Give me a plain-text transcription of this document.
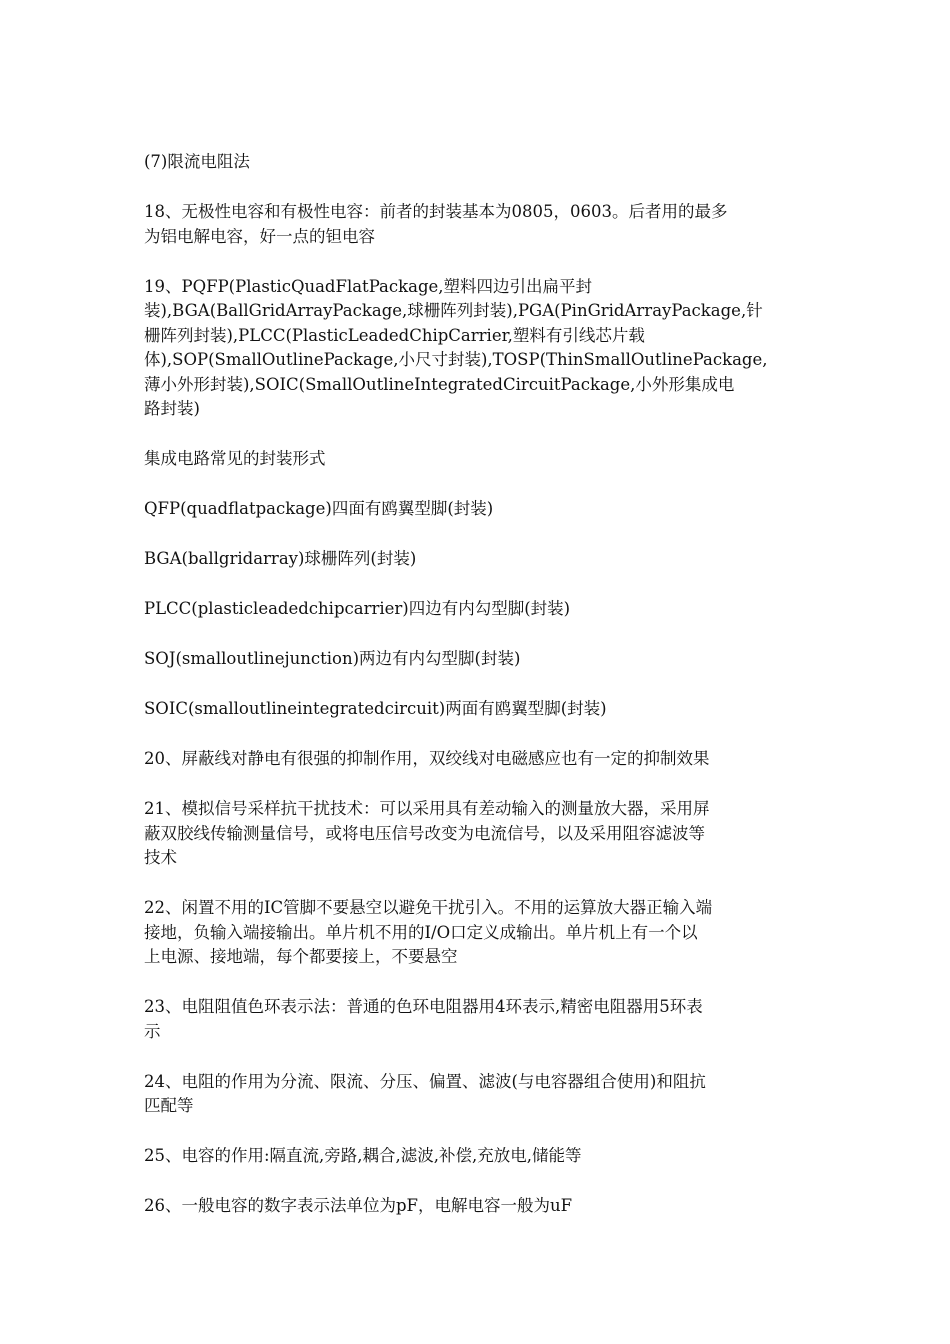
(7)限流电阻法
18、无极性电容和有极性电容：前者的封装基本为0805，0603。后者用的最多
为铝电解电容，好一点的钽电容
19、PQFP(PlasticQuadFlatPackage,塑料四边引出扁平封
装),BGA(BallGridArrayPackage,球栅阵列封装),PGA(PinGridArrayPackage,针
栅阵列封装),PLCC(PlasticLeadedChipCarrier,塑料有引线芯片载
体),SOP(SmallOutlinePackage,小尺寸封装),TOSP(ThinSmallOutlinePackage,
薄小外形封装),SOIC(SmallOutlineIntegratedCircuitPackage,小外形集成电
路封装)
集成电路常见的封装形式
QFP(quadflatpackage)四面有鸥翼型脚(封装)
BGA(ballgridarray)球栅阵列(封装)
PLCC(plasticleadedchipcarrier)四边有内勾型脚(封装)
SOJ(smalloutlinejunction)两边有内勾型脚(封装)
SOIC(smalloutlineintegratedcircuit)两面有鸥翼型脚(封装)
20、屏蔽线对静电有很强的抑制作用，双绞线对电磁感应也有一定的抑制效果
21、模拟信号采样抗干扰技术：可以采用具有差动输入的测量放大器，采用屏
蔽双胶线传输测量信号，或将电压信号改变为电流信号，以及采用阻容滤波等
技术
22、闲置不用的IC管脚不要悬空以避免干扰引入。不用的运算放大器正输入端
接地，负输入端接输出。单片机不用的I/O口定义成输出。单片机上有一个以
上电源、接地端，每个都要接上，不要悬空
23、电阻阻值色环表示法：普通的色环电阻器用4环表示,精密电阻器用5环表
示
24、电阻的作用为分流、限流、分压、偏置、滤波(与电容器组合使用)和阻抗
匹配等
25、电容的作用:隔直流,旁路,耦合,滤波,补偿,充放电,储能等
26、一般电容的数字表示法单位为pF，电解电容一般为uF
